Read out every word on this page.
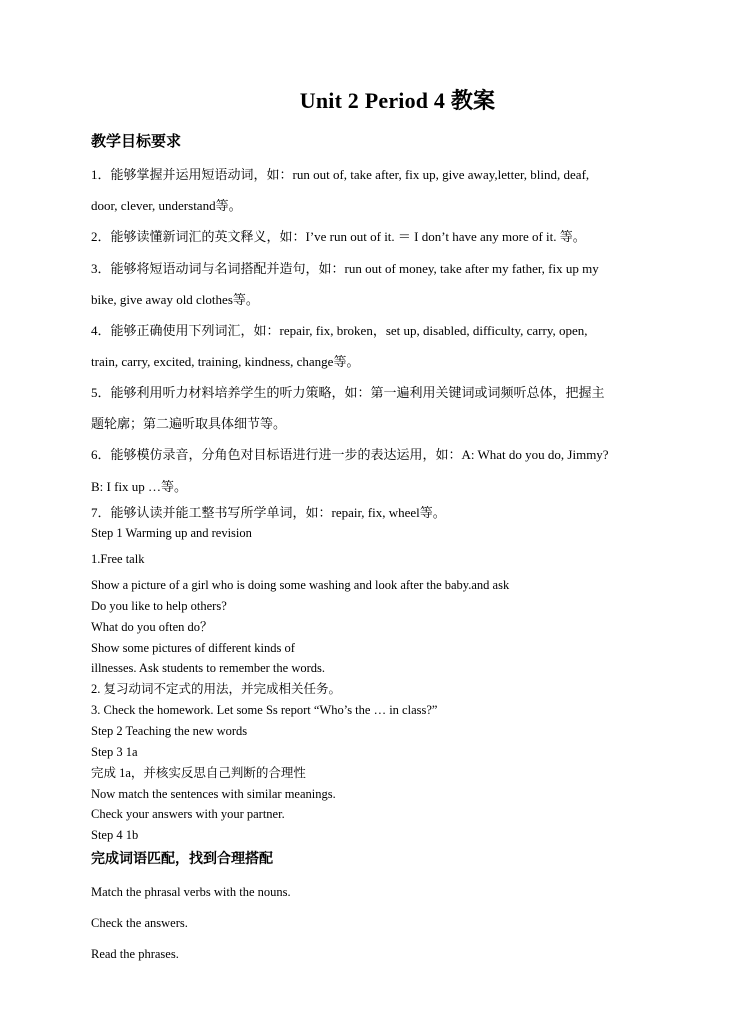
Unit 2 Period 4 教案
教学目标要求
1．能够掌握并运用短语动词，如：run out of, take after, fix up, give away,letter, blind, deaf,
door, clever, understand等。
2．能够读懂新词汇的英文释义，如：I’ve run out of it. ＝ I don’t have any more of it. 等。
3．能够将短语动词与名词搭配并造句，如：run out of money, take after my father, fix up my
bike, give away old clothes等。
4．能够正确使用下列词汇，如：repair, fix, broken，set up, disabled, difficulty, carry, open,
train, carry, excited, training, kindness, change等。
5．能够利用听力材料培养学生的听力策略，如：第一遍利用关键词或词频听总体，把握主
题轮廓；第二遍听取具体细节等。
6．能够模仿录音，分角色对目标语进行进一步的表达运用，如：A: What do you do, Jimmy?
B: I fix up …等。
7．能够认读并能工整书写所学单词，如：repair, fix, wheel等。
Step 1 Warming up and revision
1.Free talk
Show a picture of a girl who is doing some washing and look after the baby.and ask
Do you like to help others?
What do you often do？
Show some pictures of different kinds of
illnesses. Ask students to remember the words.
2. 复习动词不定式的用法，并完成相关任务。
3. Check the homework. Let some Ss report “Who’s the … in class?”
Step 2 Teaching the new words
Step 3 1a
完成 1a，并核实反思自己判断的合理性
Now match the sentences with similar meanings.
Check your answers with your partner.
Step 4 1b
完成词语匹配，找到合理搭配
Match the phrasal verbs with the nouns.
Check the answers.
Read the phrases.
